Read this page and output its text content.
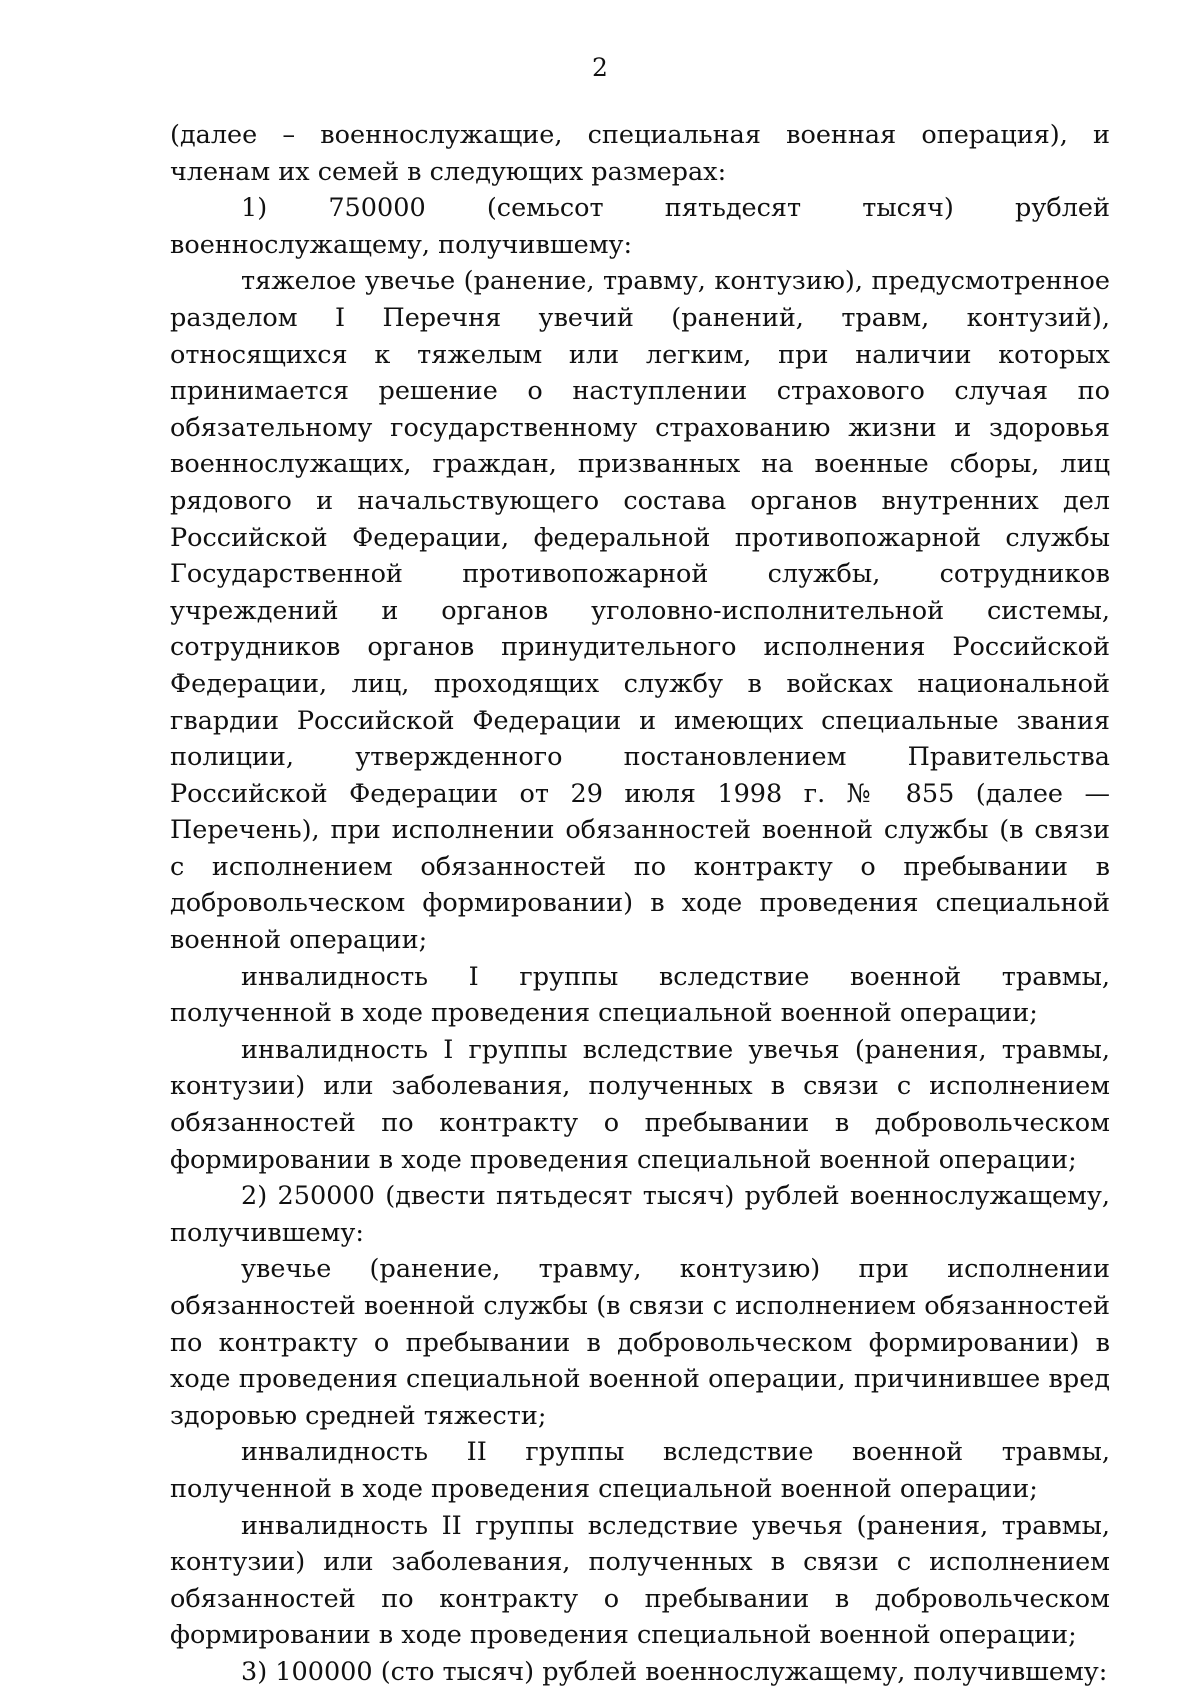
2

(далее – военнослужащие, специальная военная операция), и членам их семей в следующих размерах:

1) 750000 (семьсот пятьдесят тысяч) рублей военнослужащему, получившему:

тяжелое увечье (ранение, травму, контузию), предусмотренное разделом I Перечня увечий (ранений, травм, контузий), относящихся к тяжелым или легким, при наличии которых принимается решение о наступлении страхового случая по обязательному государственному страхованию жизни и здоровья военнослужащих, граждан, призванных на военные сборы, лиц рядового и начальствующего состава органов внутренних дел Российской Федерации, федеральной противопожарной службы Государственной противопожарной службы, сотрудников учреждений и органов уголовно-исполнительной системы, сотрудников органов принудительного исполнения Российской Федерации, лиц, проходящих службу в войсках национальной гвардии Российской Федерации и имеющих специальные звания полиции, утвержденного постановлением Правительства Российской Федерации от 29 июля 1998 г. № 855 (далее — Перечень), при исполнении обязанностей военной службы (в связи с исполнением обязанностей по контракту о пребывании в добровольческом формировании) в ходе проведения специальной военной операции;

инвалидность I группы вследствие военной травмы, полученной в ходе проведения специальной военной операции;

инвалидность I группы вследствие увечья (ранения, травмы, контузии) или заболевания, полученных в связи с исполнением обязанностей по контракту о пребывании в добровольческом формировании в ходе проведения специальной военной операции;

2) 250000 (двести пятьдесят тысяч) рублей военнослужащему, получившему:

увечье (ранение, травму, контузию) при исполнении обязанностей военной службы (в связи с исполнением обязанностей по контракту о пребывании в добровольческом формировании) в ходе проведения специальной военной операции, причинившее вред здоровью средней тяжести;

инвалидность II группы вследствие военной травмы, полученной в ходе проведения специальной военной операции;

инвалидность II группы вследствие увечья (ранения, травмы, контузии) или заболевания, полученных в связи с исполнением обязанностей по контракту о пребывании в добровольческом формировании в ходе проведения специальной военной операции;

3) 100000 (сто тысяч) рублей военнослужащему, получившему:
